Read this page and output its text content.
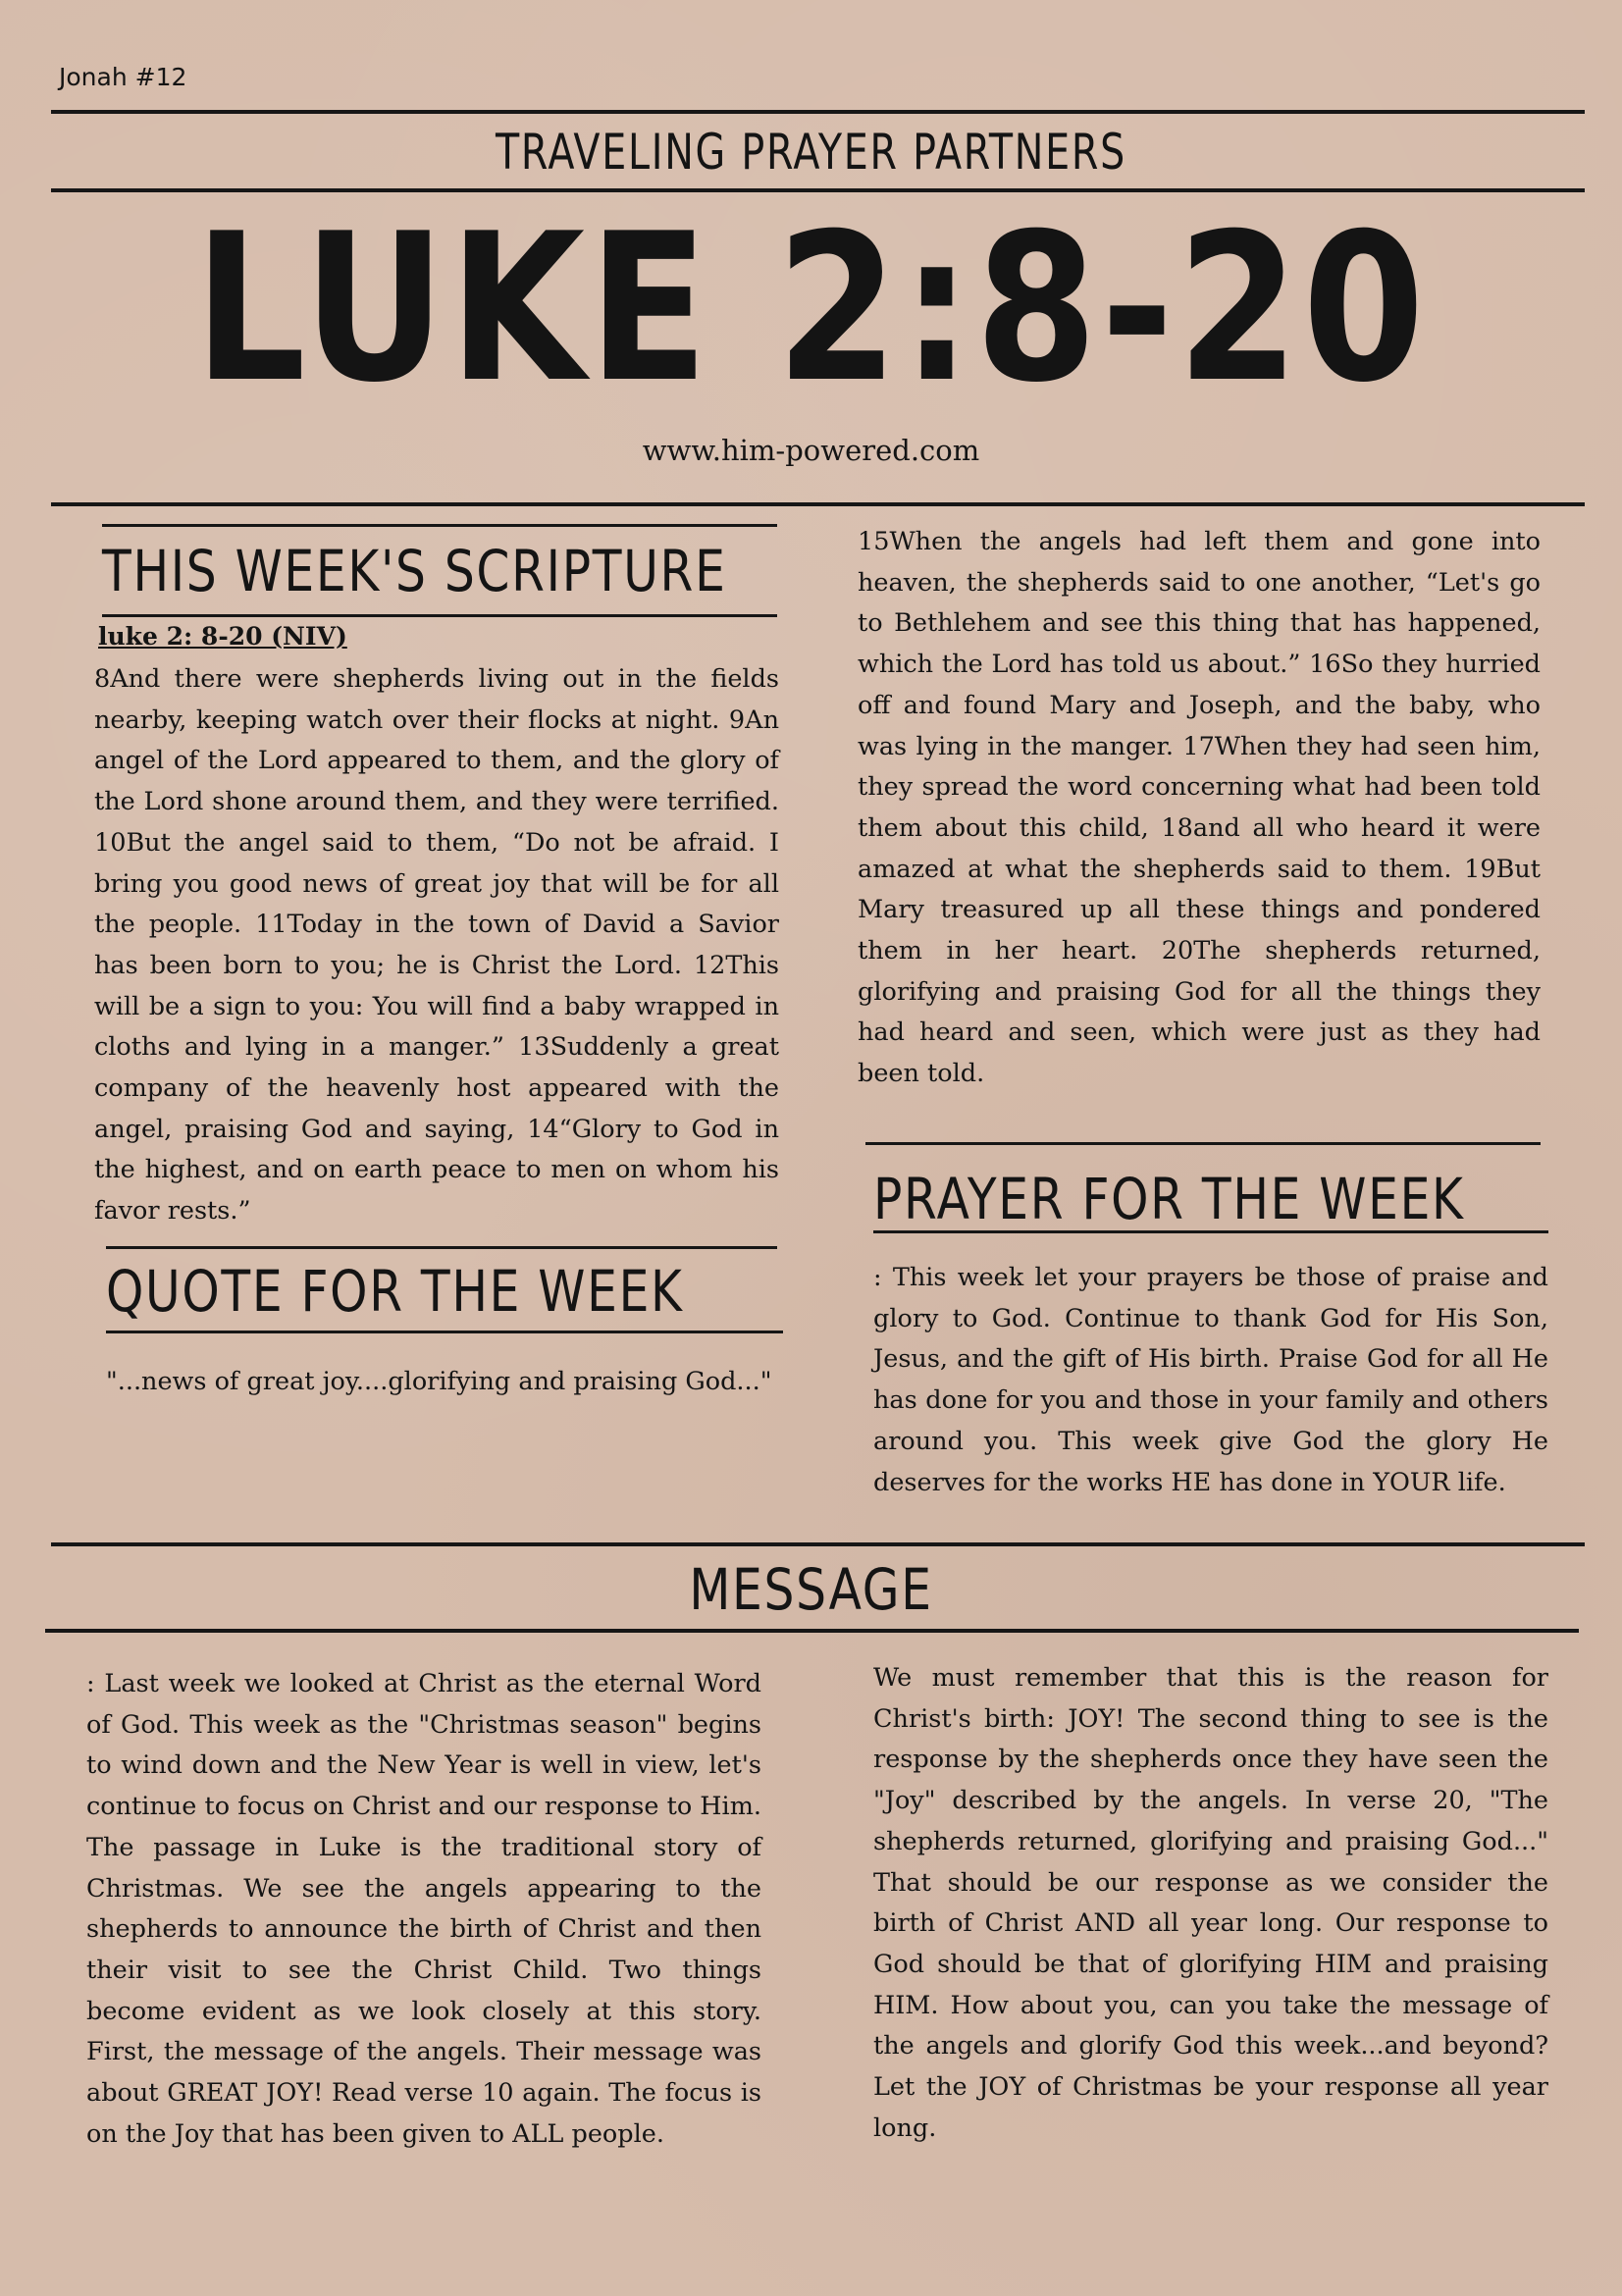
Jonah #12
TRAVELING PRAYER PARTNERS
LUKE 2:8-20
www.him-powered.com
THIS WEEK'S SCRIPTURE
luke 2: 8-20 (NIV)
8And there were shepherds living out in the fields nearby, keeping watch over their flocks at night. 9An angel of the Lord appeared to them, and the glory of the Lord shone around them, and they were terrified. 10But the angel said to them, “Do not be afraid. I bring you good news of great joy that will be for all the people. 11Today in the town of David a Savior has been born to you; he is Christ the Lord. 12This will be a sign to you: You will find a baby wrapped in cloths and lying in a manger.” 13Suddenly a great company of the heavenly host appeared with the angel, praising God and saying, 14“Glory to God in the highest, and on earth peace to men on whom his favor rests.”
QUOTE FOR THE WEEK
"...news of great joy....glorifying and praising God..."
15When the angels had left them and gone into heaven, the shepherds said to one another, “Let's go to Bethlehem and see this thing that has happened, which the Lord has told us about.” 16So they hurried off and found Mary and Joseph, and the baby, who was lying in the manger. 17When they had seen him, they spread the word concerning what had been told them about this child, 18and all who heard it were amazed at what the shepherds said to them. 19But Mary treasured up all these things and pondered them in her heart. 20The shepherds returned, glorifying and praising God for all the things they had heard and seen, which were just as they had been told.
PRAYER FOR THE WEEK
: This week let your prayers be those of praise and glory to God. Continue to thank God for His Son, Jesus, and the gift of His birth. Praise God for all He has done for you and those in your family and others around you. This week give God the glory He deserves for the works HE has done in YOUR life.
MESSAGE
: Last week we looked at Christ as the eternal Word of God. This week as the "Christmas season" begins to wind down and the New Year is well in view, let's continue to focus on Christ and our response to Him. The passage in Luke is the traditional story of Christmas. We see the angels appearing to the shepherds to announce the birth of Christ and then their visit to see the Christ Child. Two things become evident as we look closely at this story. First, the message of the angels. Their message was about GREAT JOY! Read verse 10 again. The focus is on the Joy that has been given to ALL people.
We must remember that this is the reason for Christ's birth: JOY! The second thing to see is the response by the shepherds once they have seen the "Joy" described by the angels. In verse 20, "The shepherds returned, glorifying and praising God..." That should be our response as we consider the birth of Christ AND all year long. Our response to God should be that of glorifying HIM and praising HIM. How about you, can you take the message of the angels and glorify God this week...and beyond? Let the JOY of Christmas be your response all year long.
